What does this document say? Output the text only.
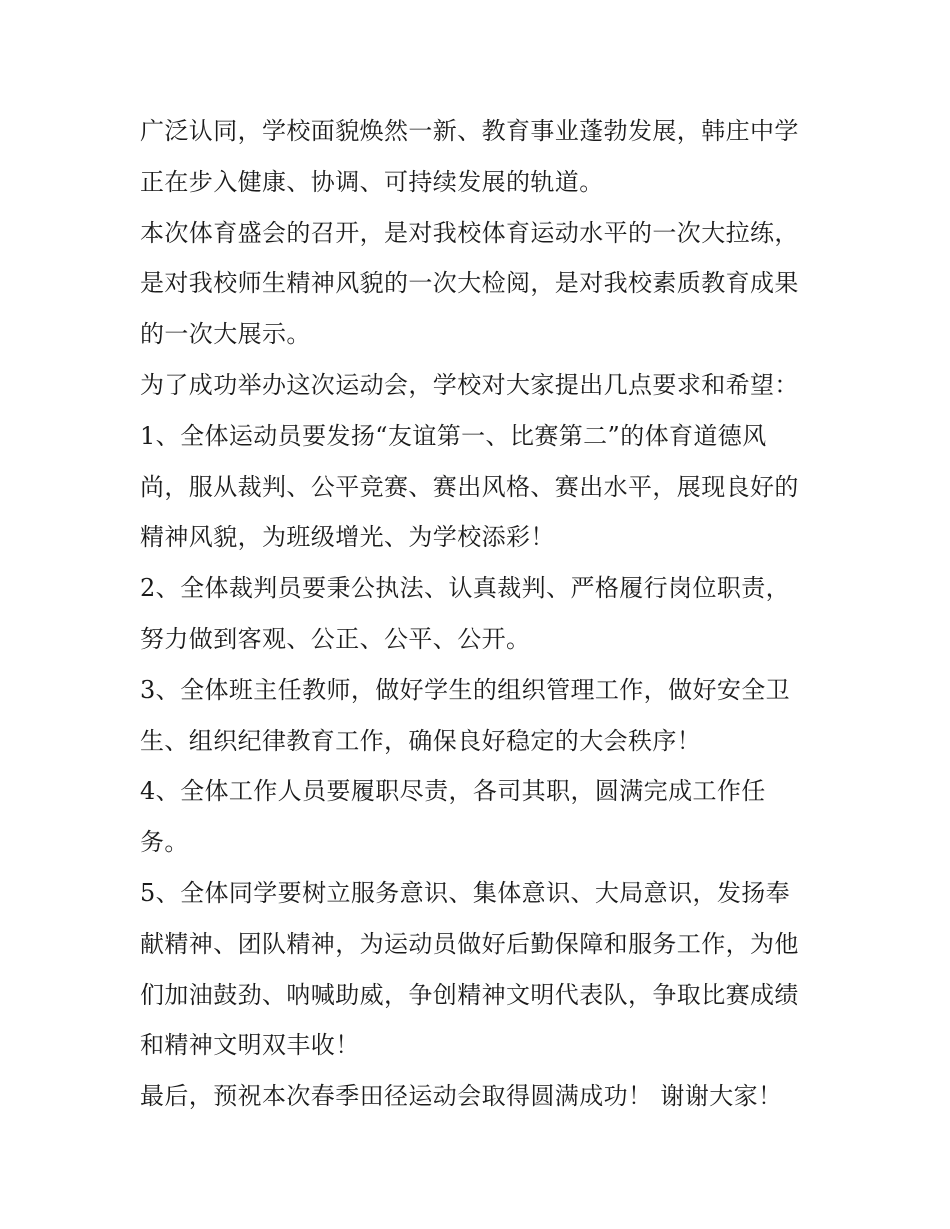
广泛认同，学校面貌焕然一新、教育事业蓬勃发展，韩庄中学
正在步入健康、协调、可持续发展的轨道。
本次体育盛会的召开，是对我校体育运动水平的一次大拉练，
是对我校师生精神风貌的一次大检阅，是对我校素质教育成果
的一次大展示。
为了成功举办这次运动会，学校对大家提出几点要求和希望：
1、全体运动员要发扬“友谊第一、比赛第二”的体育道德风
尚，服从裁判、公平竞赛、赛出风格、赛出水平，展现良好的
精神风貌，为班级增光、为学校添彩！
2、全体裁判员要秉公执法、认真裁判、严格履行岗位职责，
努力做到客观、公正、公平、公开。
3、全体班主任教师，做好学生的组织管理工作，做好安全卫
生、组织纪律教育工作，确保良好稳定的大会秩序！
4、全体工作人员要履职尽责，各司其职，圆满完成工作任
务。
5、全体同学要树立服务意识、集体意识、大局意识，发扬奉
献精神、团队精神，为运动员做好后勤保障和服务工作，为他
们加油鼓劲、呐喊助威，争创精神文明代表队，争取比赛成绩
和精神文明双丰收！
最后，预祝本次春季田径运动会取得圆满成功！ 谢谢大家！
